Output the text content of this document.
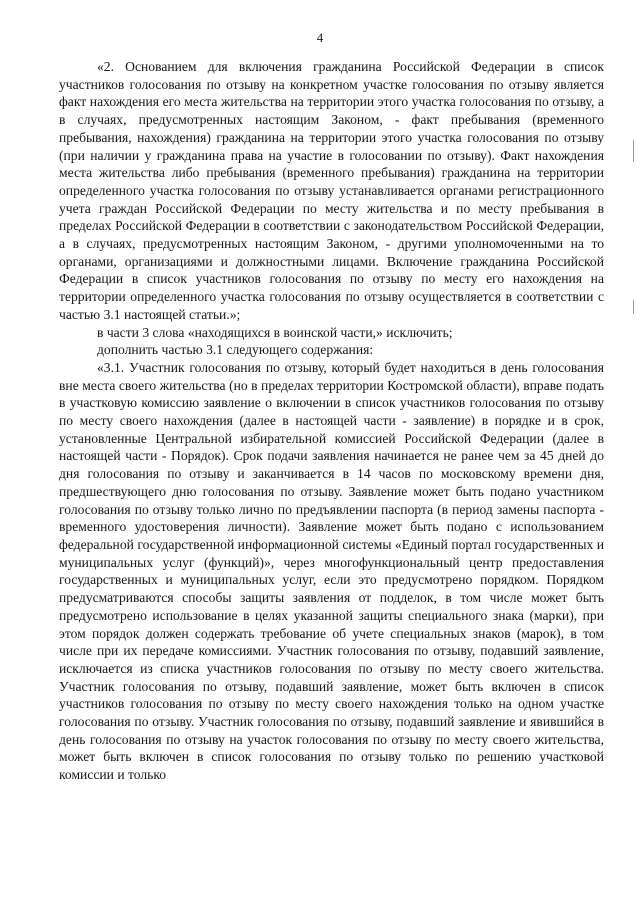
4

«2. Основанием для включения гражданина Российской Федерации в список участников голосования по отзыву на конкретном участке голосования по отзыву является факт нахождения его места жительства на территории этого участка голосования по отзыву, а в случаях, предусмотренных настоящим Законом, - факт пребывания (временного пребывания, нахождения) гражданина на территории этого участка голосования по отзыву (при наличии у гражданина права на участие в голосовании по отзыву). Факт нахождения места жительства либо пребывания (временного пребывания) гражданина на территории определенного участка голосования по отзыву устанавливается органами регистрационного учета граждан Российской Федерации по месту жительства и по месту пребывания в пределах Российской Федерации в соответствии с законодательством Российской Федерации, а в случаях, предусмотренных настоящим Законом, - другими уполномоченными на то органами, организациями и должностными лицами. Включение гражданина Российской Федерации в список участников голосования по отзыву по месту его нахождения на территории определенного участка голосования по отзыву осуществляется в соответствии с частью 3.1 настоящей статьи.»;

в части 3 слова «находящихся в воинской части,» исключить;

дополнить частью 3.1 следующего содержания:

«3.1. Участник голосования по отзыву, который будет находиться в день голосования вне места своего жительства (но в пределах территории Костромской области), вправе подать в участковую комиссию заявление о включении в список участников голосования по отзыву по месту своего нахождения (далее в настоящей части - заявление) в порядке и в срок, установленные Центральной избирательной комиссией Российской Федерации (далее в настоящей части - Порядок). Срок подачи заявления начинается не ранее чем за 45 дней до дня голосования по отзыву и заканчивается в 14 часов по московскому времени дня, предшествующего дню голосования по отзыву. Заявление может быть подано участником голосования по отзыву только лично по предъявлении паспорта (в период замены паспорта - временного удостоверения личности). Заявление может быть подано с использованием федеральной государственной информационной системы «Единый портал государственных и муниципальных услуг (функций)», через многофункциональный центр предоставления государственных и муниципальных услуг, если это предусмотрено порядком. Порядком предусматриваются способы защиты заявления от подделок, в том числе может быть предусмотрено использование в целях указанной защиты специального знака (марки), при этом порядок должен содержать требование об учете специальных знаков (марок), в том числе при их передаче комиссиями. Участник голосования по отзыву, подавший заявление, исключается из списка участников голосования по отзыву по месту своего жительства. Участник голосования по отзыву, подавший заявление, может быть включен в список участников голосования по отзыву по месту своего нахождения только на одном участке голосования по отзыву. Участник голосования по отзыву, подавший заявление и явившийся в день голосования по отзыву на участок голосования по отзыву по месту своего жительства, может быть включен в список голосования по отзыву только по решению участковой комиссии и только
